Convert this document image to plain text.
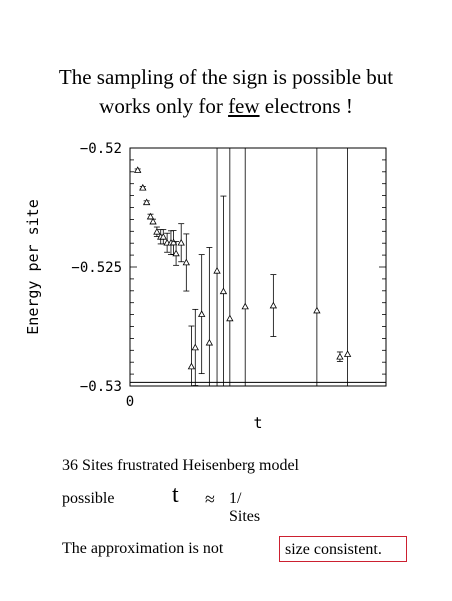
The sampling of the sign is possible but
works only for few electrons !
−0.52
−0.525
−0.53
0
t
Energy per site
36 Sites frustrated Heisenberg model
possible t ≈ 1/ Sites
The approximation is not	size consistent.
